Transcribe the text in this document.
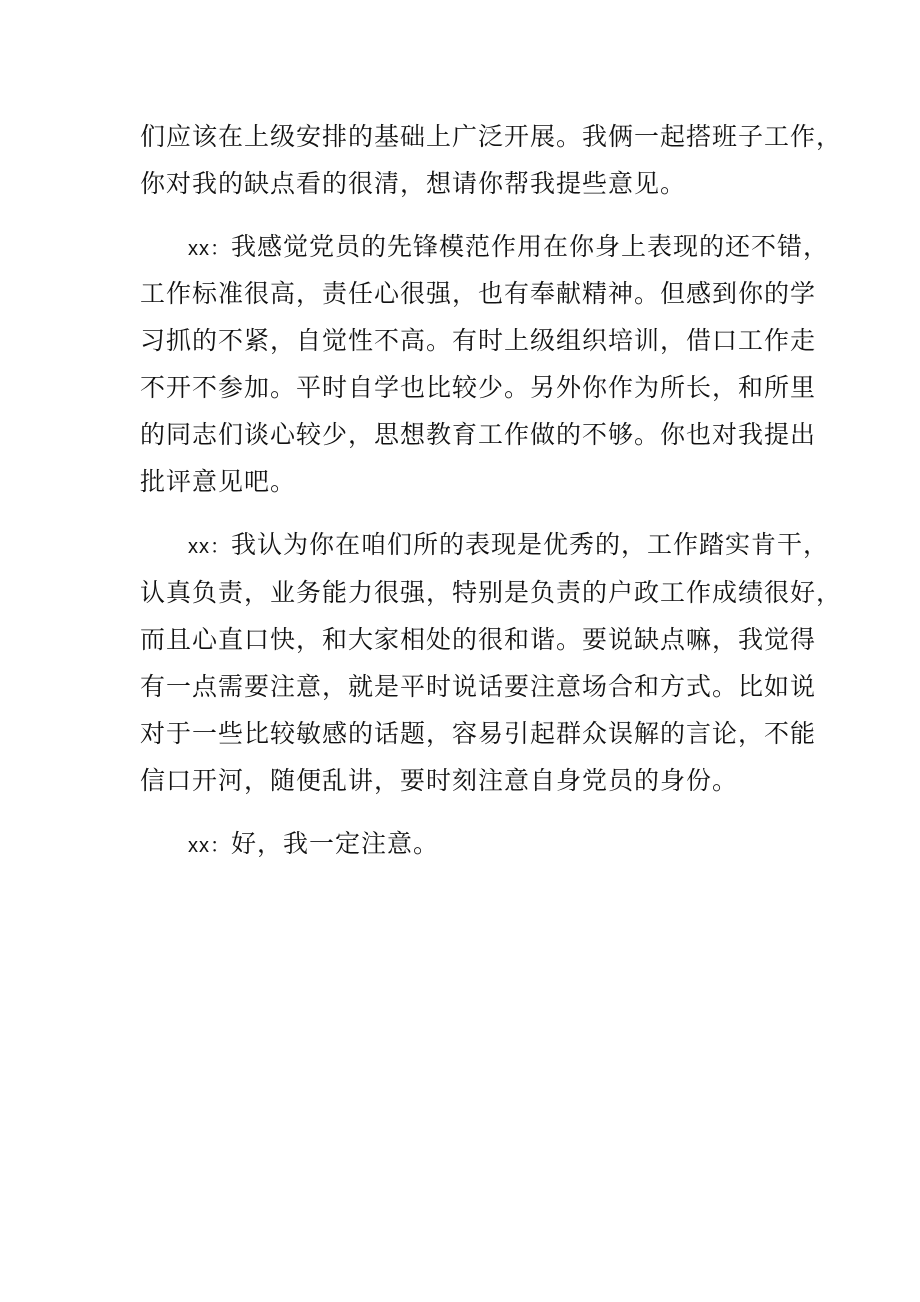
们应该在上级安排的基础上广泛开展。我俩一起搭班子工作，
你对我的缺点看的很清，想请你帮我提些意见。
xx：我感觉党员的先锋模范作用在你身上表现的还不错，
工作标准很高，责任心很强，也有奉献精神。但感到你的学
习抓的不紧，自觉性不高。有时上级组织培训，借口工作走
不开不参加。平时自学也比较少。另外你作为所长，和所里
的同志们谈心较少，思想教育工作做的不够。你也对我提出
批评意见吧。
xx：我认为你在咱们所的表现是优秀的，工作踏实肯干，
认真负责，业务能力很强，特别是负责的户政工作成绩很好，
而且心直口快，和大家相处的很和谐。要说缺点嘛，我觉得
有一点需要注意，就是平时说话要注意场合和方式。比如说
对于一些比较敏感的话题，容易引起群众误解的言论，不能
信口开河，随便乱讲，要时刻注意自身党员的身份。
xx：好，我一定注意。
